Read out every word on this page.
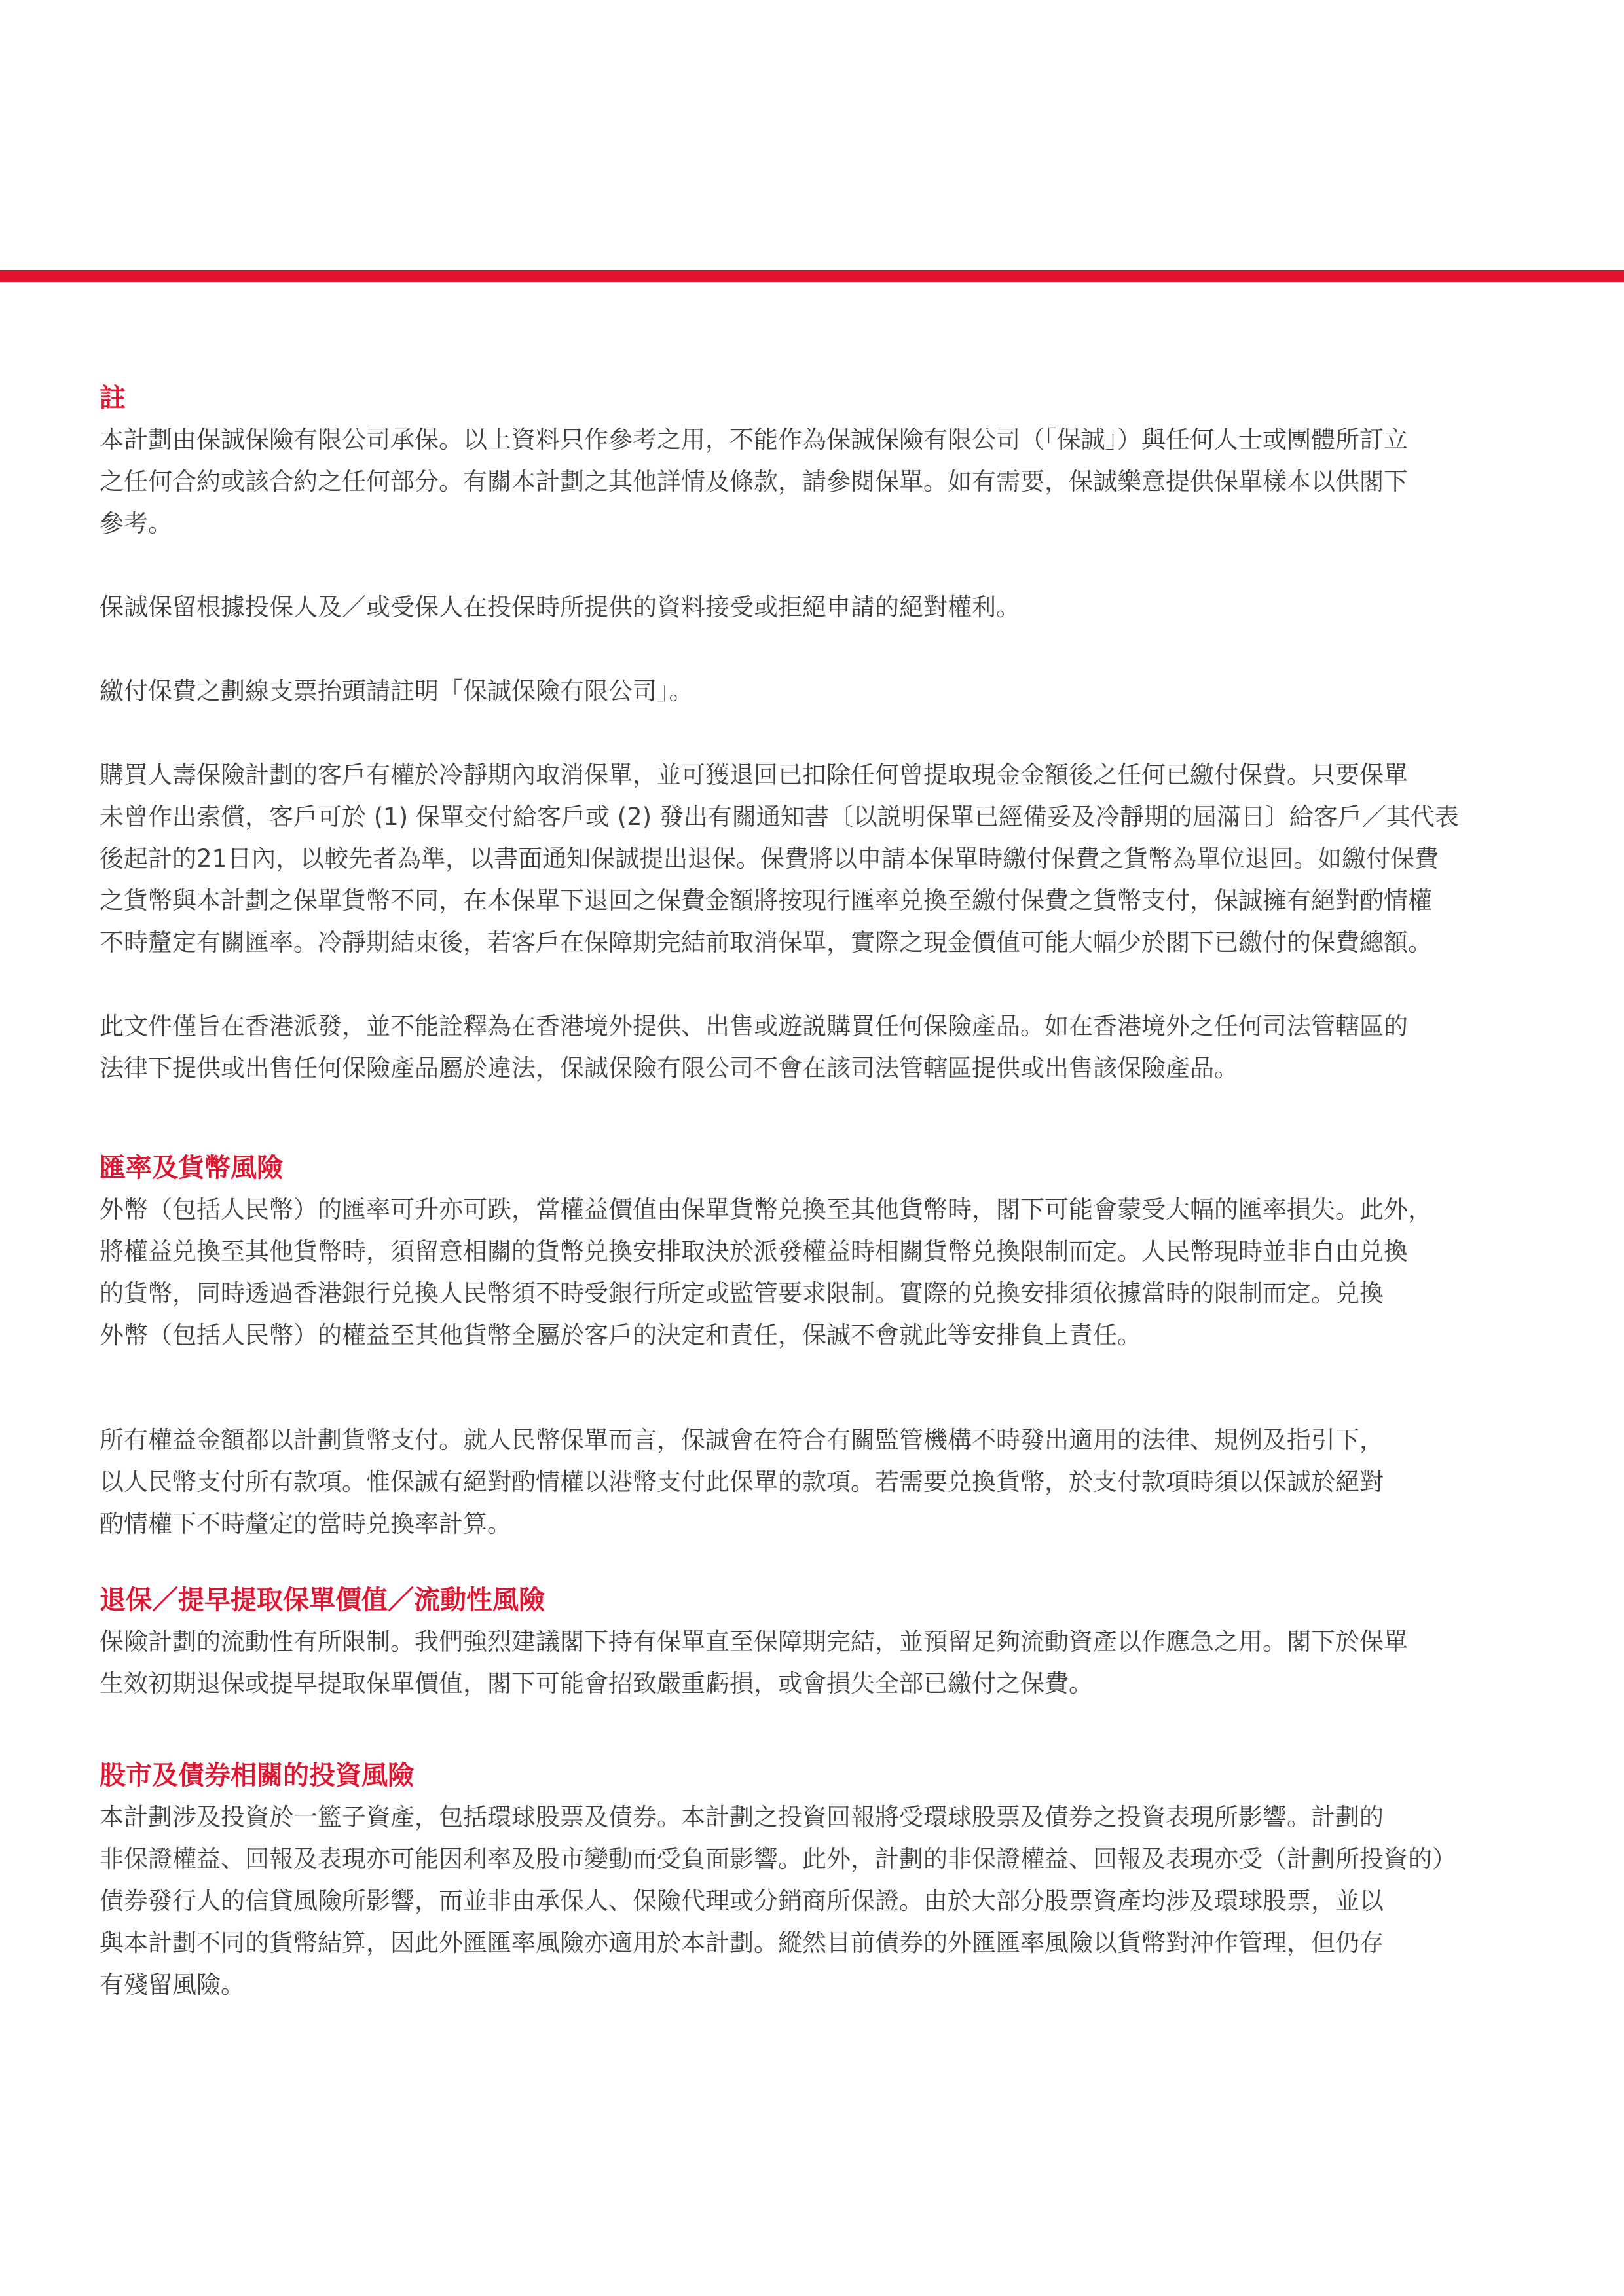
註

本計劃由保誠保險有限公司承保。以上資料只作參考之用，不能作為保誠保險有限公司（「保誠」）與任何人士或團體所訂立
之任何合約或該合約之任何部分。有關本計劃之其他詳情及條款，請參閱保單。如有需要，保誠樂意提供保單樣本以供閣下
參考。

保誠保留根據投保人及／或受保人在投保時所提供的資料接受或拒絕申請的絕對權利。

繳付保費之劃線支票抬頭請註明「保誠保險有限公司」。

購買人壽保險計劃的客戶有權於冷靜期內取消保單，並可獲退回已扣除任何曾提取現金金額後之任何已繳付保費。只要保單
未曾作出索償，客戶可於 (1) 保單交付給客戶或 (2) 發出有關通知書〔以説明保單已經備妥及冷靜期的屆滿日〕給客戶／其代表
後起計的21日內，以較先者為準，以書面通知保誠提出退保。保費將以申請本保單時繳付保費之貨幣為單位退回。如繳付保費
之貨幣與本計劃之保單貨幣不同，在本保單下退回之保費金額將按現行匯率兑換至繳付保費之貨幣支付，保誠擁有絕對酌情權
不時釐定有關匯率。冷靜期結束後，若客戶在保障期完結前取消保單，實際之現金價值可能大幅少於閣下已繳付的保費總額。

此文件僅旨在香港派發，並不能詮釋為在香港境外提供、出售或遊説購買任何保險產品。如在香港境外之任何司法管轄區的
法律下提供或出售任何保險產品屬於違法，保誠保險有限公司不會在該司法管轄區提供或出售該保險產品。

匯率及貨幣風險

外幣（包括人民幣）的匯率可升亦可跌，當權益價值由保單貨幣兑換至其他貨幣時，閣下可能會蒙受大幅的匯率損失。此外，
將權益兑換至其他貨幣時，須留意相關的貨幣兑換安排取決於派發權益時相關貨幣兑換限制而定。人民幣現時並非自由兑換
的貨幣，同時透過香港銀行兑換人民幣須不時受銀行所定或監管要求限制。實際的兑換安排須依據當時的限制而定。兑換
外幣（包括人民幣）的權益至其他貨幣全屬於客戶的決定和責任，保誠不會就此等安排負上責任。

所有權益金額都以計劃貨幣支付。就人民幣保單而言，保誠會在符合有關監管機構不時發出適用的法律、規例及指引下，
以人民幣支付所有款項。惟保誠有絕對酌情權以港幣支付此保單的款項。若需要兑換貨幣，於支付款項時須以保誠於絕對
酌情權下不時釐定的當時兑換率計算。

退保／提早提取保單價值／流動性風險

保險計劃的流動性有所限制。我們強烈建議閣下持有保單直至保障期完結，並預留足夠流動資產以作應急之用。閣下於保單
生效初期退保或提早提取保單價值，閣下可能會招致嚴重虧損，或會損失全部已繳付之保費。

股市及債券相關的投資風險

本計劃涉及投資於一籃子資產，包括環球股票及債券。本計劃之投資回報將受環球股票及債券之投資表現所影響。計劃的
非保證權益、回報及表現亦可能因利率及股市變動而受負面影響。此外，計劃的非保證權益、回報及表現亦受（計劃所投資的）
債券發行人的信貸風險所影響，而並非由承保人、保險代理或分銷商所保證。由於大部分股票資產均涉及環球股票，並以
與本計劃不同的貨幣結算，因此外匯匯率風險亦適用於本計劃。縱然目前債券的外匯匯率風險以貨幣對沖作管理，但仍存
有殘留風險。
